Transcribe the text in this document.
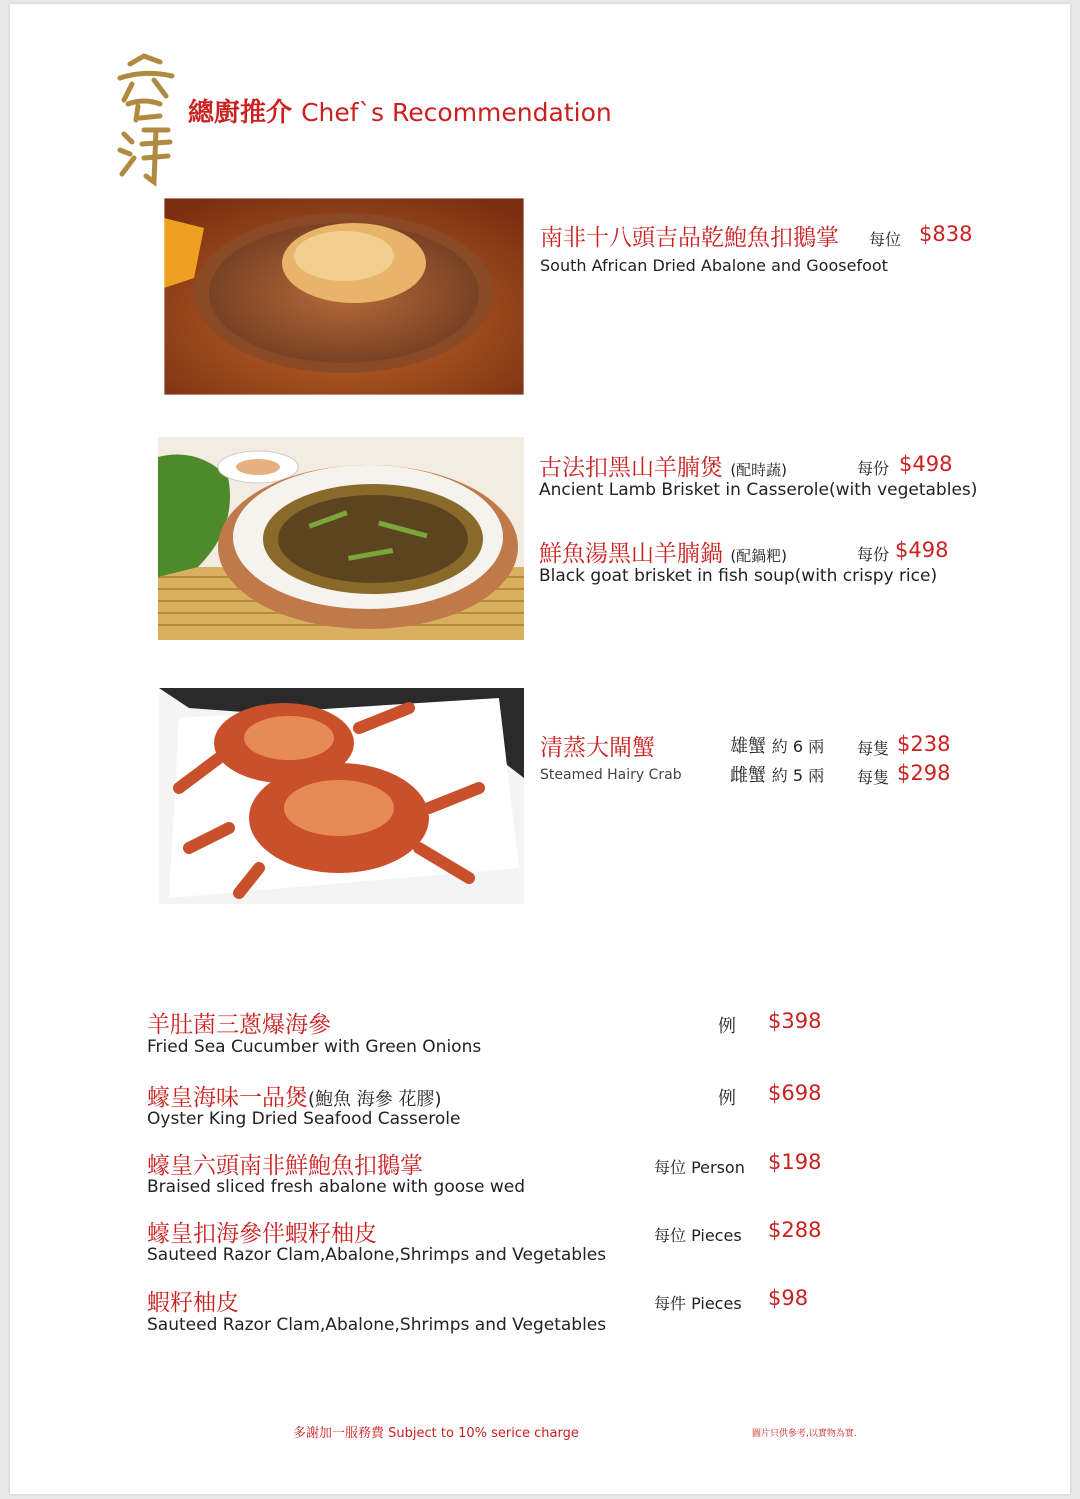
總廚推介 Chef`s Recommendation
南非十八頭吉品乾鮑魚扣鵝掌 每位 $838
South African Dried Abalone and Goosefoot
古法扣黑山羊腩煲 (配時蔬)	每份 $498
Ancient Lamb Brisket in Casserole(with vegetables)
鮮魚湯黑山羊腩鍋 (配鍋粑)	每份 $498
Black goat brisket in fish soup(with crispy rice)
清蒸大閘蟹
Steamed Hairy Crab
雄蟹 約 6 兩 每隻 $238
雌蟹 約 5 兩 每隻 $298
羊肚菌三蔥爆海參
Fried Sea Cucumber with Green Onions
例 $398
蠔皇海味一品煲(鮑魚 海參 花膠)
Oyster King Dried Seafood Casserole
例 $698
蠔皇六頭南非鮮鮑魚扣鵝掌
Braised sliced fresh abalone with goose wed
每位 Person $198
蠔皇扣海參伴蝦籽柚皮
Sauteed Razor Clam,Abalone,Shrimps and Vegetables
每位 Pieces $288
蝦籽柚皮
Sauteed Razor Clam,Abalone,Shrimps and Vegetables
每件 Pieces $98
多謝加一服務費 Subject to 10% serice charge	圖片只供參考,以實物為實.
